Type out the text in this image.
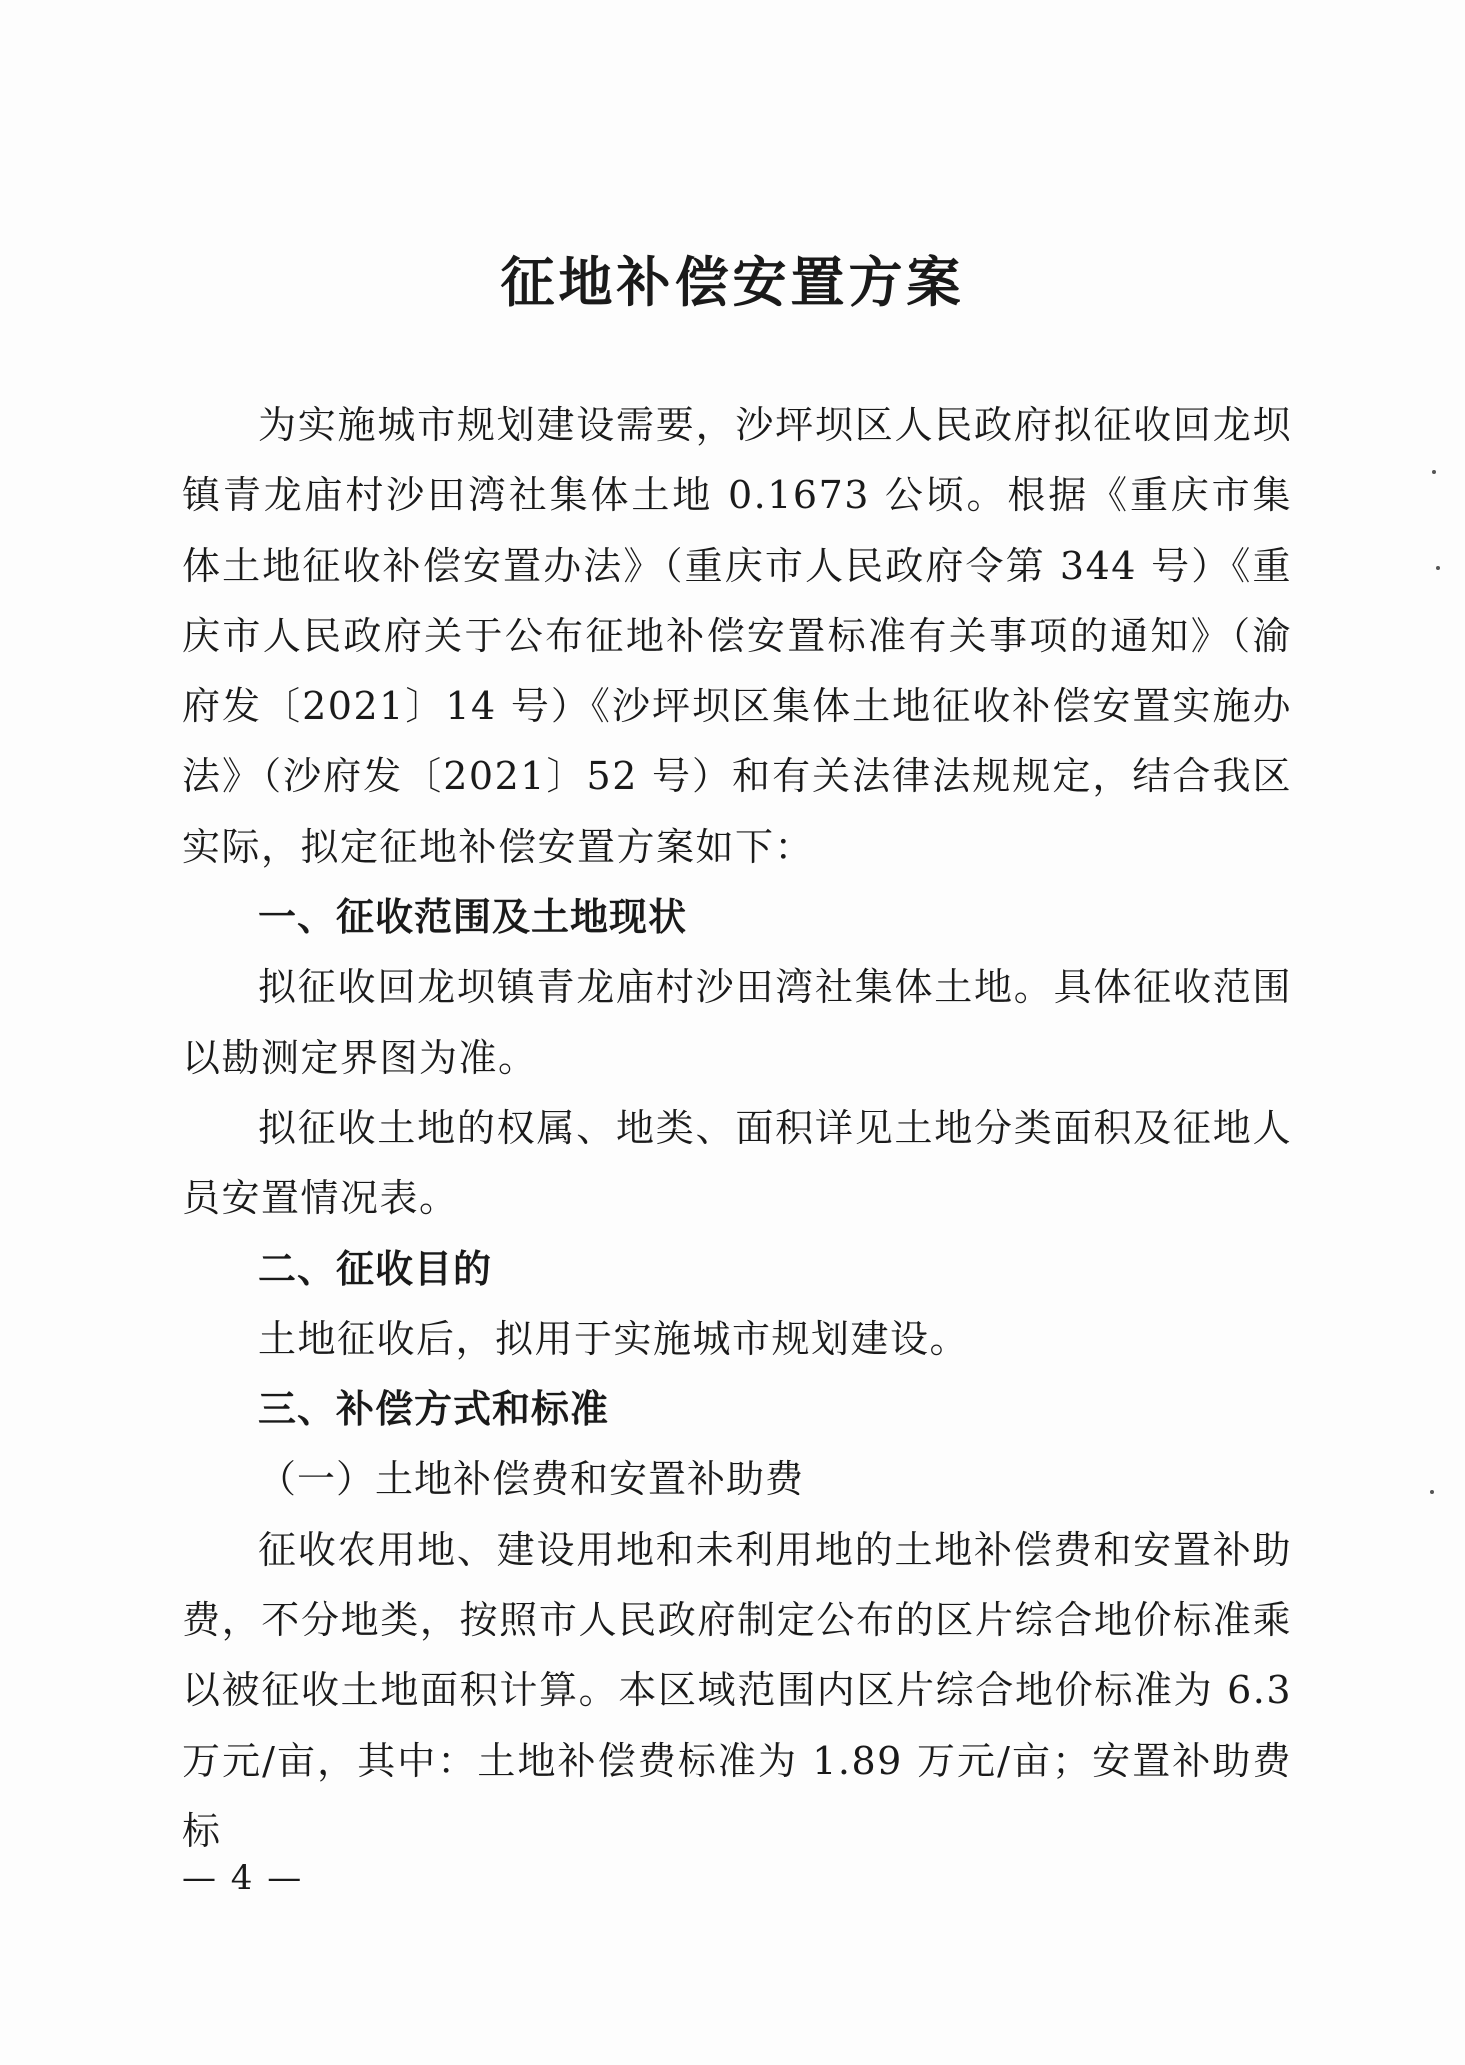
征地补偿安置方案

为实施城市规划建设需要，沙坪坝区人民政府拟征收回龙坝镇青龙庙村沙田湾社集体土地 0.1673 公顷。根据《重庆市集体土地征收补偿安置办法》（重庆市人民政府令第 344 号）《重庆市人民政府关于公布征地补偿安置标准有关事项的通知》（渝府发〔2021〕14 号）《沙坪坝区集体土地征收补偿安置实施办法》（沙府发〔2021〕52 号）和有关法律法规规定，结合我区实际，拟定征地补偿安置方案如下：

一、征收范围及土地现状

拟征收回龙坝镇青龙庙村沙田湾社集体土地。具体征收范围以勘测定界图为准。

拟征收土地的权属、地类、面积详见土地分类面积及征地人员安置情况表。

二、征收目的

土地征收后，拟用于实施城市规划建设。

三、补偿方式和标准

（一）土地补偿费和安置补助费

征收农用地、建设用地和未利用地的土地补偿费和安置补助费，不分地类，按照市人民政府制定公布的区片综合地价标准乘以被征收土地面积计算。本区域范围内区片综合地价标准为 6.3 万元/亩，其中：土地补偿费标准为 1.89 万元/亩；安置补助费标

— 4 —
